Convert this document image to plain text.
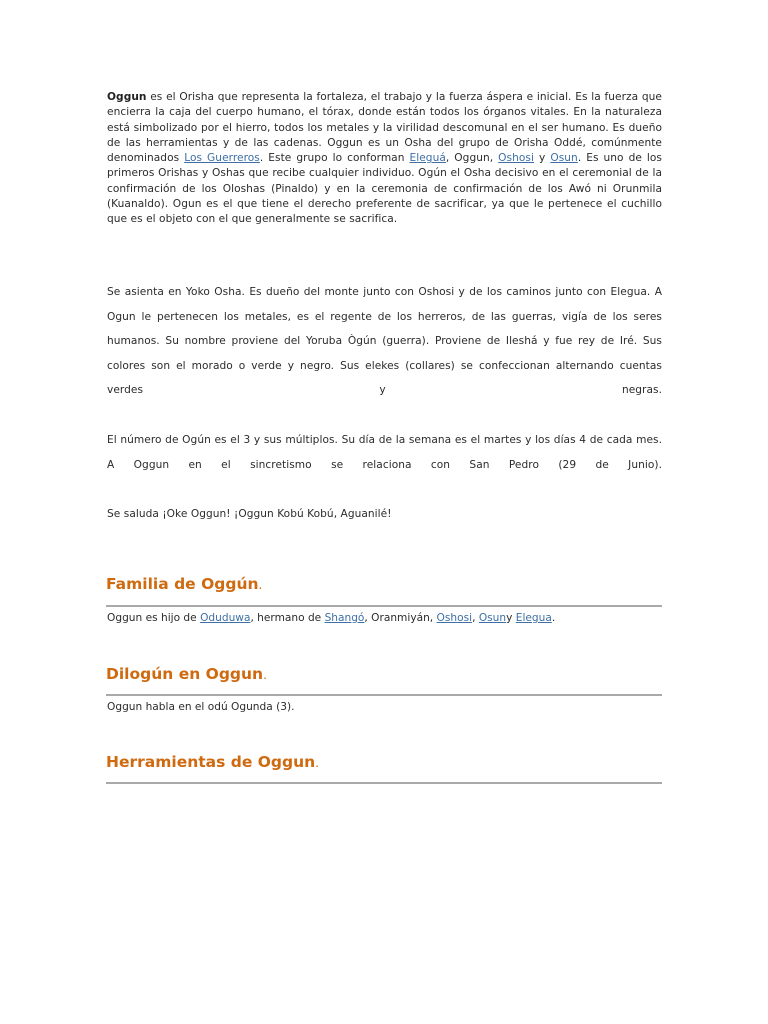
Oggun es el Orisha que representa la fortaleza, el trabajo y la fuerza áspera e inicial. Es la fuerza que encierra la caja del cuerpo humano, el tórax, donde están todos los órganos vitales. En la naturaleza está simbolizado por el hierro, todos los metales y la virilidad descomunal en el ser humano. Es dueño de las herramientas y de las cadenas. Oggun es un Osha del grupo de Orisha Oddé, comúnmente denominados Los Guerreros. Este grupo lo conforman Eleguá, Oggun, Oshosi y Osun. Es uno de los primeros Orishas y Oshas que recibe cualquier individuo. Ogún el Osha decisivo en el ceremonial de la confirmación de los Oloshas (Pinaldo) y en la ceremonia de confirmación de los Awó ni Orunmila (Kuanaldo). Ogun es el que tiene el derecho preferente de sacrificar, ya que le pertenece el cuchillo que es el objeto con el que generalmente se sacrifica.

Se asienta en Yoko Osha. Es dueño del monte junto con Oshosi y de los caminos junto con Elegua. A Ogun le pertenecen los metales, es el regente de los herreros, de las guerras, vigía de los seres humanos. Su nombre proviene del Yoruba Ògún (guerra). Proviene de Ileshá y fue rey de Iré. Sus colores son el morado o verde y negro. Sus elekes (collares) se confeccionan alternando cuentas verdes y negras.

El número de Ogún es el 3 y sus múltiplos. Su día de la semana es el martes y los días 4 de cada mes. A Oggun en el sincretismo se relaciona con San Pedro (29 de Junio).

Se saluda ¡Oke Oggun! ¡Oggun Kobú Kobú, Aguanilé!

Familia de Oggún.
Oggun es hijo de Oduduwa, hermano de Shangó, Oranmiyán, Oshosi, Osuny Elegua.
Dilogún en Oggun.
Oggun habla en el odú Ogunda (3).
Herramientas de Oggun.
